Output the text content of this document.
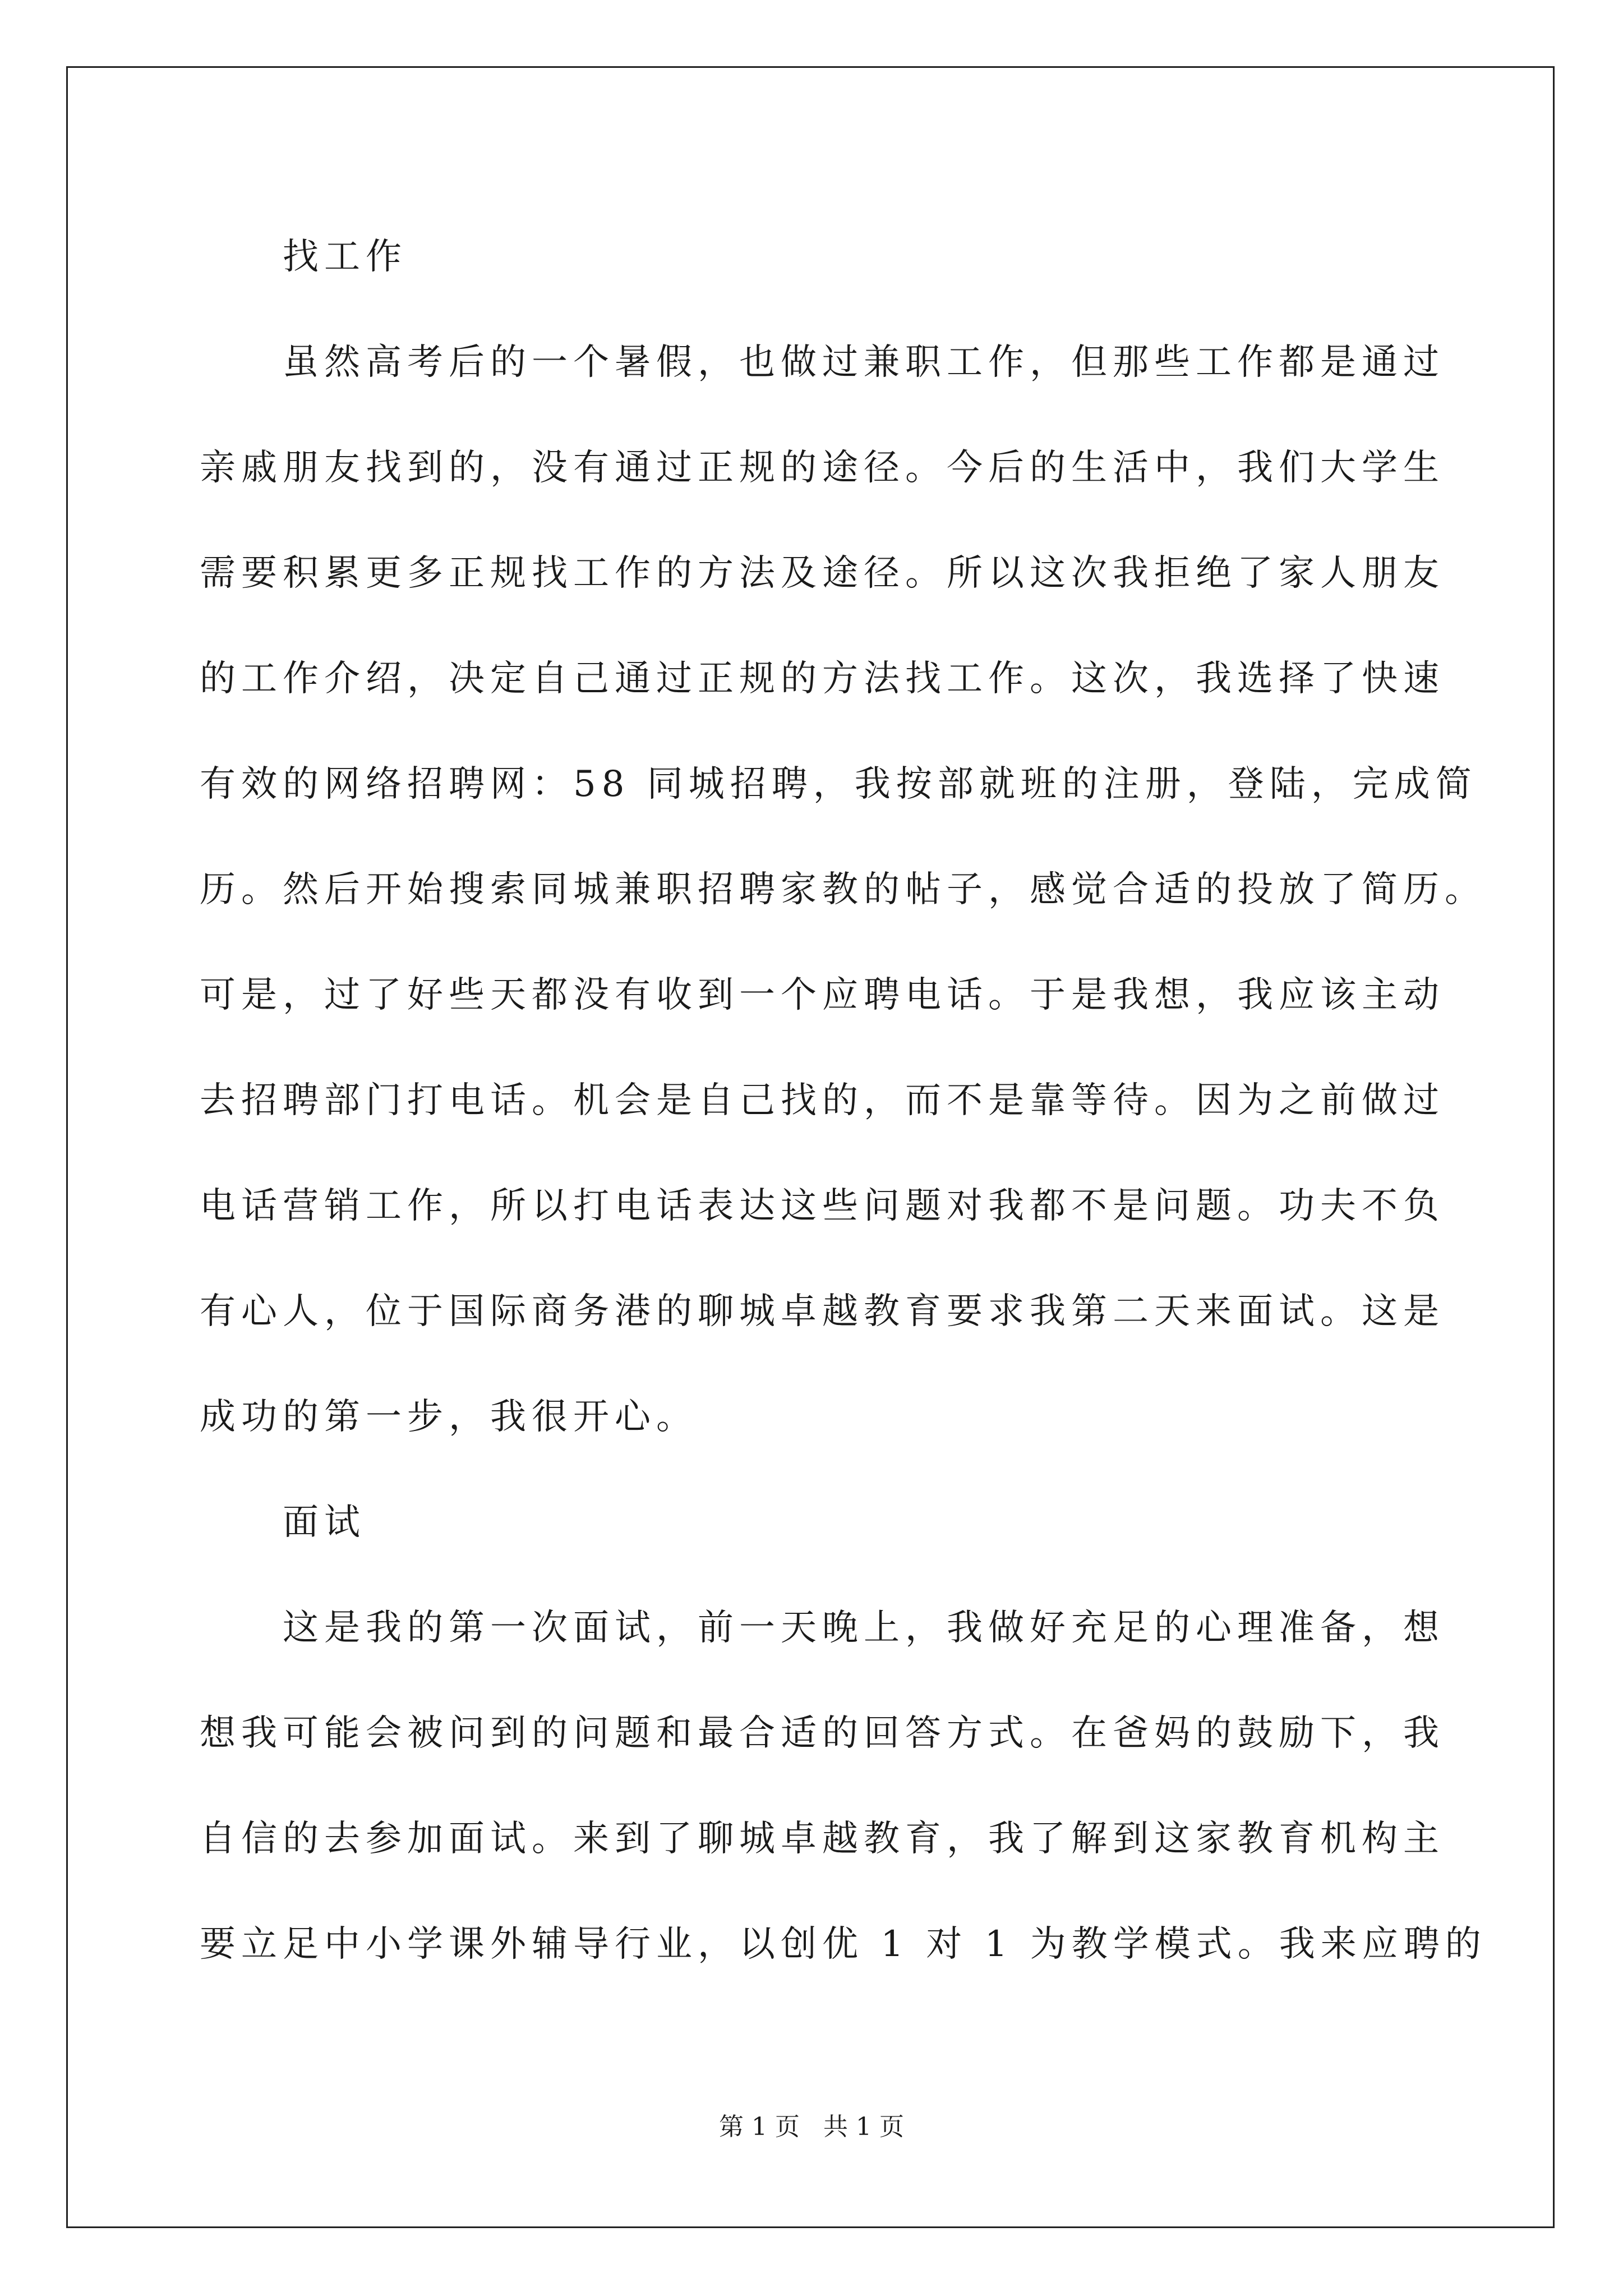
找工作
虽然高考后的一个暑假，也做过兼职工作，但那些工作都是通过
亲戚朋友找到的，没有通过正规的途径。今后的生活中，我们大学生
需要积累更多正规找工作的方法及途径。所以这次我拒绝了家人朋友
的工作介绍，决定自己通过正规的方法找工作。这次，我选择了快速
有效的网络招聘网：58 同城招聘，我按部就班的注册，登陆，完成简
历。然后开始搜索同城兼职招聘家教的帖子，感觉合适的投放了简历。
可是，过了好些天都没有收到一个应聘电话。于是我想，我应该主动
去招聘部门打电话。机会是自己找的，而不是靠等待。因为之前做过
电话营销工作，所以打电话表达这些问题对我都不是问题。功夫不负
有心人，位于国际商务港的聊城卓越教育要求我第二天来面试。这是
成功的第一步，我很开心。
面试
这是我的第一次面试，前一天晚上，我做好充足的心理准备，想
想我可能会被问到的问题和最合适的回答方式。在爸妈的鼓励下，我
自信的去参加面试。来到了聊城卓越教育，我了解到这家教育机构主
要立足中小学课外辅导行业，以创优 1 对 1 为教学模式。我来应聘的
第 1 页 共 1 页
